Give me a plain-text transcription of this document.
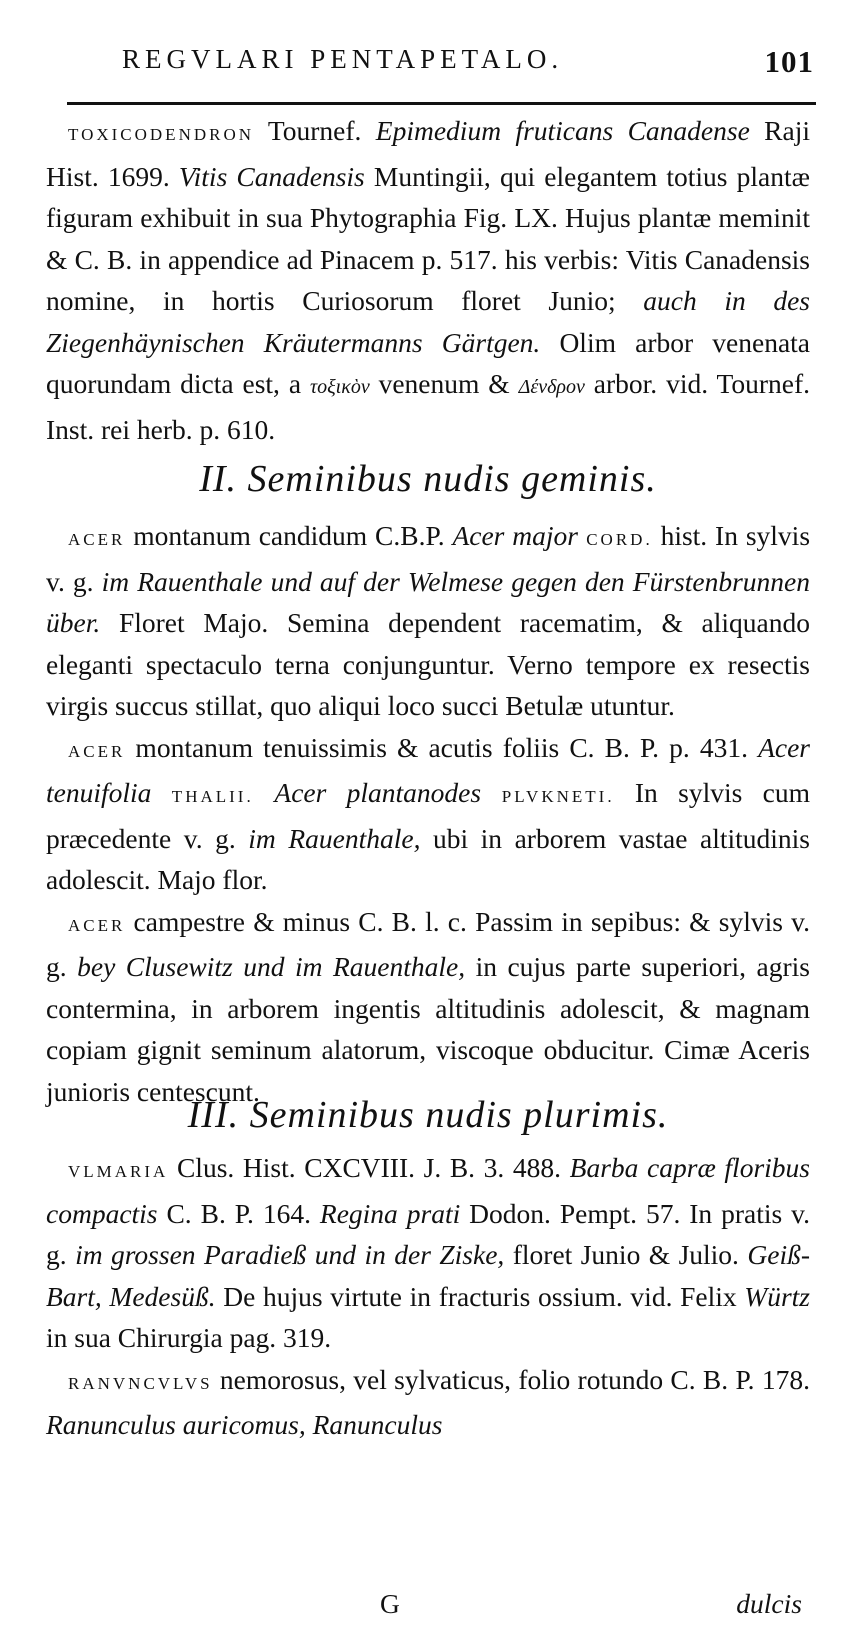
REGVLARI PENTAPETALO.	101

TOXICODENDRON Tournef. Epimedium fruticans Canadense Raji Hist. 1699. Vitis Canadensis Muntingii, qui elegantem totius plantæ figuram exhibuit in sua Phytographia Fig. LX. Hujus plantæ meminit & C. B. in appendice ad Pinacem p. 517. his verbis: Vitis Canadensis nomine, in hortis Curiosorum floret Junio; auch in des Ziegenhäynischen Kräutermanns Gärtgen. Olim arbor venenata quorundam dicta est, a τοξικὸν venenum & Δένδρον arbor. vid. Tournef. Inst. rei herb. p. 610.

II. Seminibus nudis geminis.

ACER montanum candidum C.B.P. Acer major CORD. hist. In sylvis v. g. im Rauenthale und auf der Welmese gegen den Fürstenbrunnen über. Floret Majo. Semina dependent racematim, & aliquando eleganti spectaculo terna conjunguntur. Verno tempore ex resectis virgis succus stillat, quo aliqui loco succi Betulæ utuntur.

ACER montanum tenuissimis & acutis foliis C. B. P. p. 431. Acer tenuifolia THALII. Acer plantanodes PLVKNETI. In sylvis cum præcedente v. g. im Rauenthale, ubi in arborem vastae altitudinis adolescit. Majo flor.

ACER campestre & minus C. B. l. c. Passim in sepibus: & sylvis v. g. bey Clusewitz und im Rauenthale, in cujus parte superiori, agris contermina, in arborem ingentis altitudinis adolescit, & magnam copiam gignit seminum alatorum, viscoque obducitur. Cimæ Aceris junioris centescunt.

III. Seminibus nudis plurimis.

VLMARIA Clus. Hist. CXCVIII. J. B. 3. 488. Barba capræ floribus compactis C. B. P. 164. Regina prati Dodon. Pempt. 57. In pratis v. g. im grossen Paradieß und in der Ziske, floret Junio & Julio. Geiß-Bart, Medesüß. De hujus virtute in fracturis ossium. vid. Felix Würtz in sua Chirurgia pag. 319.

RANVNCVLVS nemorosus, vel sylvaticus, folio rotundo C. B. P. 178. Ranunculus auricomus, Ranunculus

G	dulcis
